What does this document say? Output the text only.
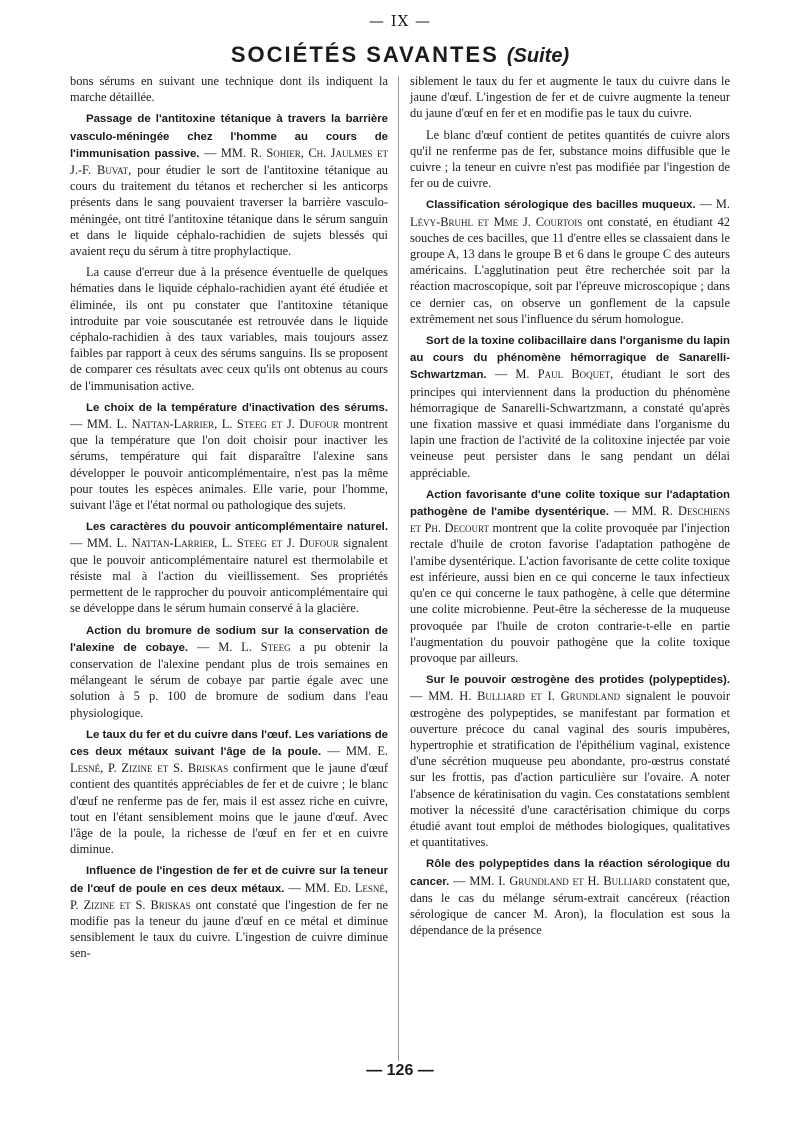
— IX —
SOCIÉTÉS SAVANTES (Suite)

bons sérums en suivant une technique dont ils indiquent la marche détaillée.

Passage de l'antitoxine tétanique à travers la barrière vasculo-méningée chez l'homme au cours de l'immunisation passive. — MM. R. Sohier, Ch. Jaulmes et J.-F. Buvat, pour étudier le sort de l'antitoxine tétanique au cours du traitement du tétanos et rechercher si les anticorps présents dans le sang pouvaient traverser la barrière vasculo-méningée, ont titré l'antitoxine tétanique dans le sérum sanguin et dans le liquide céphalo-rachidien de sujets blessés qui avaient reçu du sérum à titre prophylactique.

La cause d'erreur due à la présence éventuelle de quelques hématies dans le liquide céphalo-rachidien ayant été étudiée et éliminée, ils ont pu constater que l'antitoxine tétanique introduite par voie souscutanée est retrouvée dans le liquide céphalo-rachidien à des taux variables, mais toujours assez faibles par rapport à ceux des sérums sanguins. Ils se proposent de comparer ces résultats avec ceux qu'ils ont obtenus au cours de l'immunisation active.

Le choix de la température d'inactivation des sérums. — MM. L. Nattan-Larrier, L. Steeg et J. Dufour montrent que la température que l'on doit choisir pour inactiver les sérums, température qui fait disparaître l'alexine sans développer le pouvoir anticomplémentaire, n'est pas la même pour toutes les espèces animales. Elle varie, pour l'homme, suivant l'âge et l'état normal ou pathologique des sujets.

Les caractères du pouvoir anticomplémentaire naturel. — MM. L. Nattan-Larrier, L. Steeg et J. Dufour signalent que le pouvoir anticomplémentaire naturel est thermolabile et résiste mal à l'action du vieillissement. Ses propriétés permettent de le rapprocher du pouvoir anticomplémentaire qui se développe dans le sérum humain conservé à la glacière.

Action du bromure de sodium sur la conservation de l'alexine de cobaye. — M. L. Steeg a pu obtenir la conservation de l'alexine pendant plus de trois semaines en mélangeant le sérum de cobaye par partie égale avec une solution à 5 p. 100 de bromure de sodium dans l'eau physiologique.

Le taux du fer et du cuivre dans l'œuf. Les variations de ces deux métaux suivant l'âge de la poule. — MM. E. Lesné, P. Zizine et S. Briskas confirment que le jaune d'œuf contient des quantités appréciables de fer et de cuivre ; le blanc d'œuf ne renferme pas de fer, mais il est assez riche en cuivre, tout en l'étant sensiblement moins que le jaune d'œuf. Avec l'âge de la poule, la richesse de l'œuf en fer et en cuivre diminue.

Influence de l'ingestion de fer et de cuivre sur la teneur de l'œuf de poule en ces deux métaux. — MM. Ed. Lesné, P. Zizine et S. Briskas ont constaté que l'ingestion de fer ne modifie pas la teneur du jaune d'œuf en ce métal et diminue sensiblement le taux du cuivre. L'ingestion de cuivre diminue sen-

siblement le taux du fer et augmente le taux du cuivre dans le jaune d'œuf. L'ingestion de fer et de cuivre augmente la teneur du jaune d'œuf en fer et en modifie pas le taux du cuivre.

Le blanc d'œuf contient de petites quantités de cuivre alors qu'il ne renferme pas de fer, substance moins diffusible que le cuivre ; la teneur en cuivre n'est pas modifiée par l'ingestion de fer ou de cuivre.

Classification sérologique des bacilles muqueux. — M. Lévy-Bruhl et Mme J. Courtois ont constaté, en étudiant 42 souches de ces bacilles, que 11 d'entre elles se classaient dans le groupe A, 13 dans le groupe B et 6 dans le groupe C des auteurs américains. L'agglutination peut être recherchée soit par la réaction macroscopique, soit par l'épreuve microscopique ; dans ce dernier cas, on observe un gonflement de la capsule extrêmement net sous l'influence du sérum homologue.

Sort de la toxine colibacillaire dans l'organisme du lapin au cours du phénomène hémorragique de Sanarelli-Schwartzman. — M. Paul Boquet, étudiant le sort des principes qui interviennent dans la production du phénomène hémorragique de Sanarelli-Schwartzmann, a constaté qu'après une fixation massive et quasi immédiate dans l'organisme du lapin une fraction de l'activité de la colitoxine injectée par voie veineuse peut persister dans le sang pendant un délai appréciable.

Action favorisante d'une colite toxique sur l'adaptation pathogène de l'amibe dysentérique. — MM. R. Deschiens et Ph. Decourt montrent que la colite provoquée par l'injection rectale d'huile de croton favorise l'adaptation pathogène de l'amibe dysentérique. L'action favorisante de cette colite toxique est inférieure, aussi bien en ce qui concerne le taux infectieux qu'en ce qui concerne le taux pathogène, à celle que détermine une colite microbienne. Peut-être la sécheresse de la muqueuse provoquée par l'huile de croton contrarie-t-elle en partie l'augmentation du pouvoir pathogène que la colite toxique provoque par ailleurs.

Sur le pouvoir œstrogène des protides (polypeptides). — MM. H. Bulliard et I. Grundland signalent le pouvoir œstrogène des polypeptides, se manifestant par formation et ouverture précoce du canal vaginal des souris impubères, hypertrophie et stratification de l'épithélium vaginal, existence d'une sécrétion muqueuse peu abondante, pro-œstrus constaté sur les frottis, pas d'action particulière sur l'ovaire. A noter l'absence de kératinisation du vagin. Ces constatations semblent motiver la nécessité d'une caractérisation chimique du corps étudié avant tout emploi de méthodes biologiques, qualitatives et quantitatives.

Rôle des polypeptides dans la réaction sérologique du cancer. — MM. I. Grundland et H. Bulliard constatent que, dans le cas du mélange sérum-extrait cancéreux (réaction sérologique de cancer M. Aron), la floculation est sous la dépendance de la présence

— 126 —
